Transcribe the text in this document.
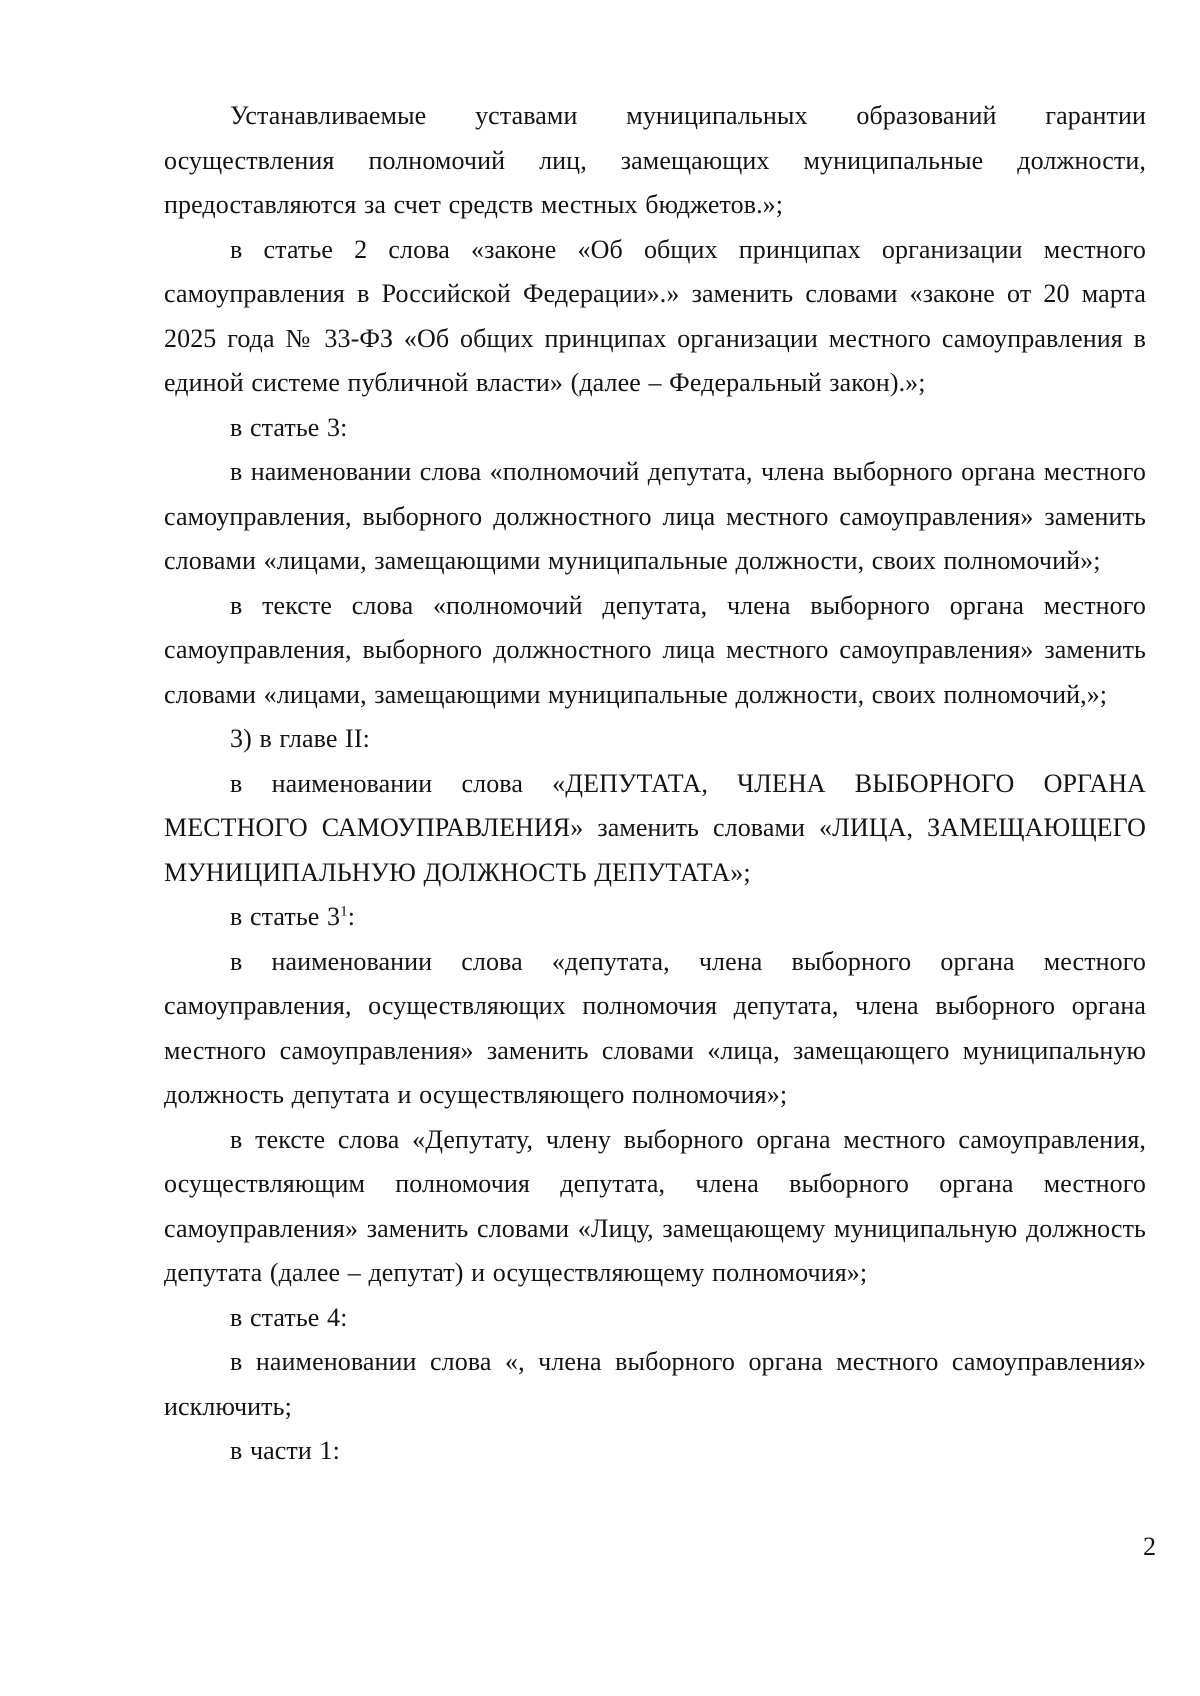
Устанавливаемые уставами муниципальных образований гарантии осуществления полномочий лиц, замещающих муниципальные должности, предоставляются за счет средств местных бюджетов.»;

в статье 2 слова «законе «Об общих принципах организации местного самоуправления в Российской Федерации».» заменить словами «законе от 20 марта 2025 года № 33-ФЗ «Об общих принципах организации местного самоуправления в единой системе публичной власти» (далее – Федеральный закон).»;

в статье 3:

в наименовании слова «полномочий депутата, члена выборного органа местного самоуправления, выборного должностного лица местного самоуправления» заменить словами «лицами, замещающими муниципальные должности, своих полномочий»;

в тексте слова «полномочий депутата, члена выборного органа местного самоуправления, выборного должностного лица местного самоуправления» заменить словами «лицами, замещающими муниципальные должности, своих полномочий,»;

3) в главе II:

в наименовании слова «ДЕПУТАТА, ЧЛЕНА ВЫБОРНОГО ОРГАНА МЕСТНОГО САМОУПРАВЛЕНИЯ» заменить словами «ЛИЦА, ЗАМЕЩАЮЩЕГО МУНИЦИПАЛЬНУЮ ДОЛЖНОСТЬ ДЕПУТАТА»;

в статье $3^1$:

в наименовании слова «депутата, члена выборного органа местного самоуправления, осуществляющих полномочия депутата, члена выборного органа местного самоуправления» заменить словами «лица, замещающего муниципальную должность депутата и осуществляющего полномочия»;

в тексте слова «Депутату, члену выборного органа местного самоуправления, осуществляющим полномочия депутата, члена выборного органа местного самоуправления» заменить словами «Лицу, замещающему муниципальную должность депутата (далее – депутат) и осуществляющему полномочия»;

в статье 4:

в наименовании слова «, члена выборного органа местного самоуправления» исключить;

в части 1:

2
